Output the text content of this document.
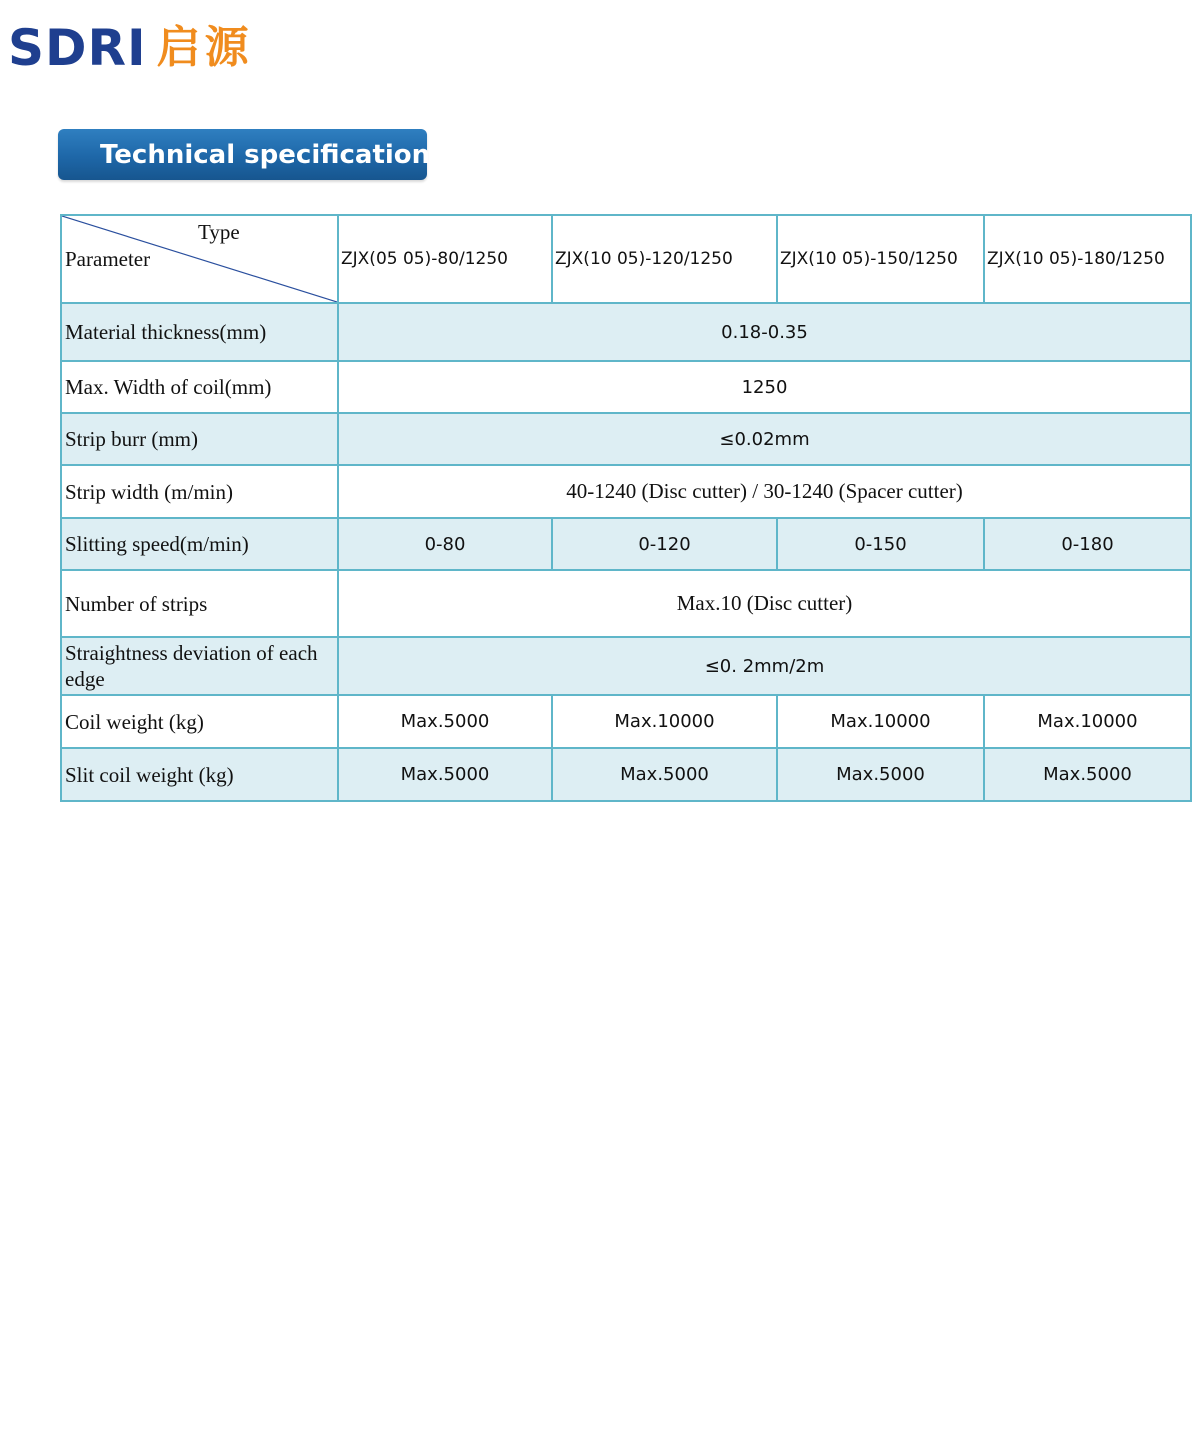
SDRI 启源
Technical specification
Type
Parameter	ZJX(05 05)-80/1250	ZJX(10 05)-120/1250	ZJX(10 05)-150/1250	ZJX(10 05)-180/1250
Material thickness(mm)	0.18-0.35			
Max. Width of coil(mm)	1250			
Strip burr (mm)	≤0.02mm			
Strip width (m/min)	40-1240 (Disc cutter) / 30-1240 (Spacer cutter)			
Slitting speed(m/min)	0-80	0-120	0-150	0-180
Number of strips	Max.10 (Disc cutter)			
Straightness deviation of each edge	≤0. 2mm/2m			
Coil weight (kg)	Max.5000	Max.10000	Max.10000	Max.10000
Slit coil weight (kg)	Max.5000	Max.5000	Max.5000	Max.5000
